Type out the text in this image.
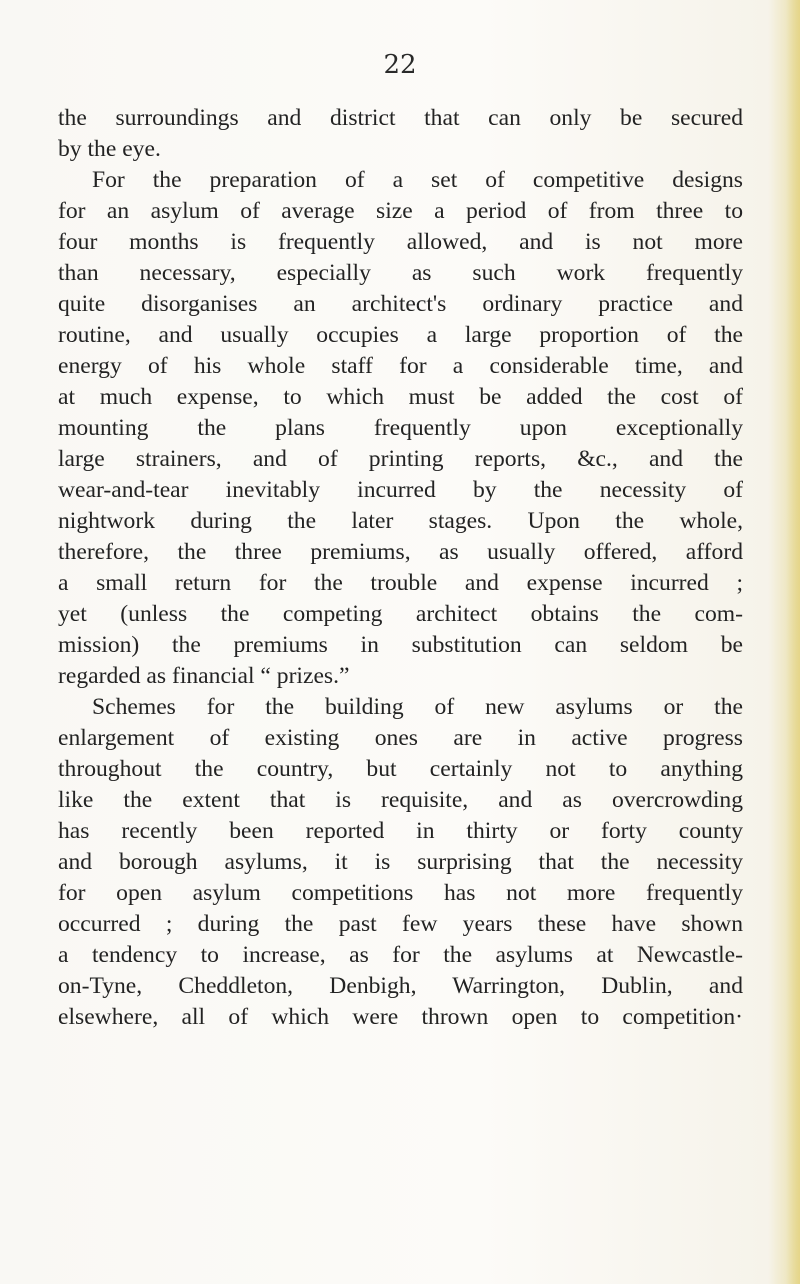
22
the surroundings and district that can only be secured
by the eye.
For the preparation of a set of competitive designs
for an asylum of average size a period of from three to
four months is frequently allowed, and is not more
than necessary, especially as such work frequently
quite disorganises an architect's ordinary practice and
routine, and usually occupies a large proportion of the
energy of his whole staff for a considerable time, and
at much expense, to which must be added the cost of
mounting the plans frequently upon exceptionally
large strainers, and of printing reports, &c., and the
wear-and-tear inevitably incurred by the necessity of
nightwork during the later stages. Upon the whole,
therefore, the three premiums, as usually offered, afford
a small return for the trouble and expense incurred ;
yet (unless the competing architect obtains the com-
mission) the premiums in substitution can seldom be
regarded as financial “ prizes.”
Schemes for the building of new asylums or the
enlargement of existing ones are in active progress
throughout the country, but certainly not to anything
like the extent that is requisite, and as overcrowding
has recently been reported in thirty or forty county
and borough asylums, it is surprising that the necessity
for open asylum competitions has not more frequently
occurred ; during the past few years these have shown
a tendency to increase, as for the asylums at Newcastle-
on-Tyne, Cheddleton, Denbigh, Warrington, Dublin, and
elsewhere, all of which were thrown open to competition·
